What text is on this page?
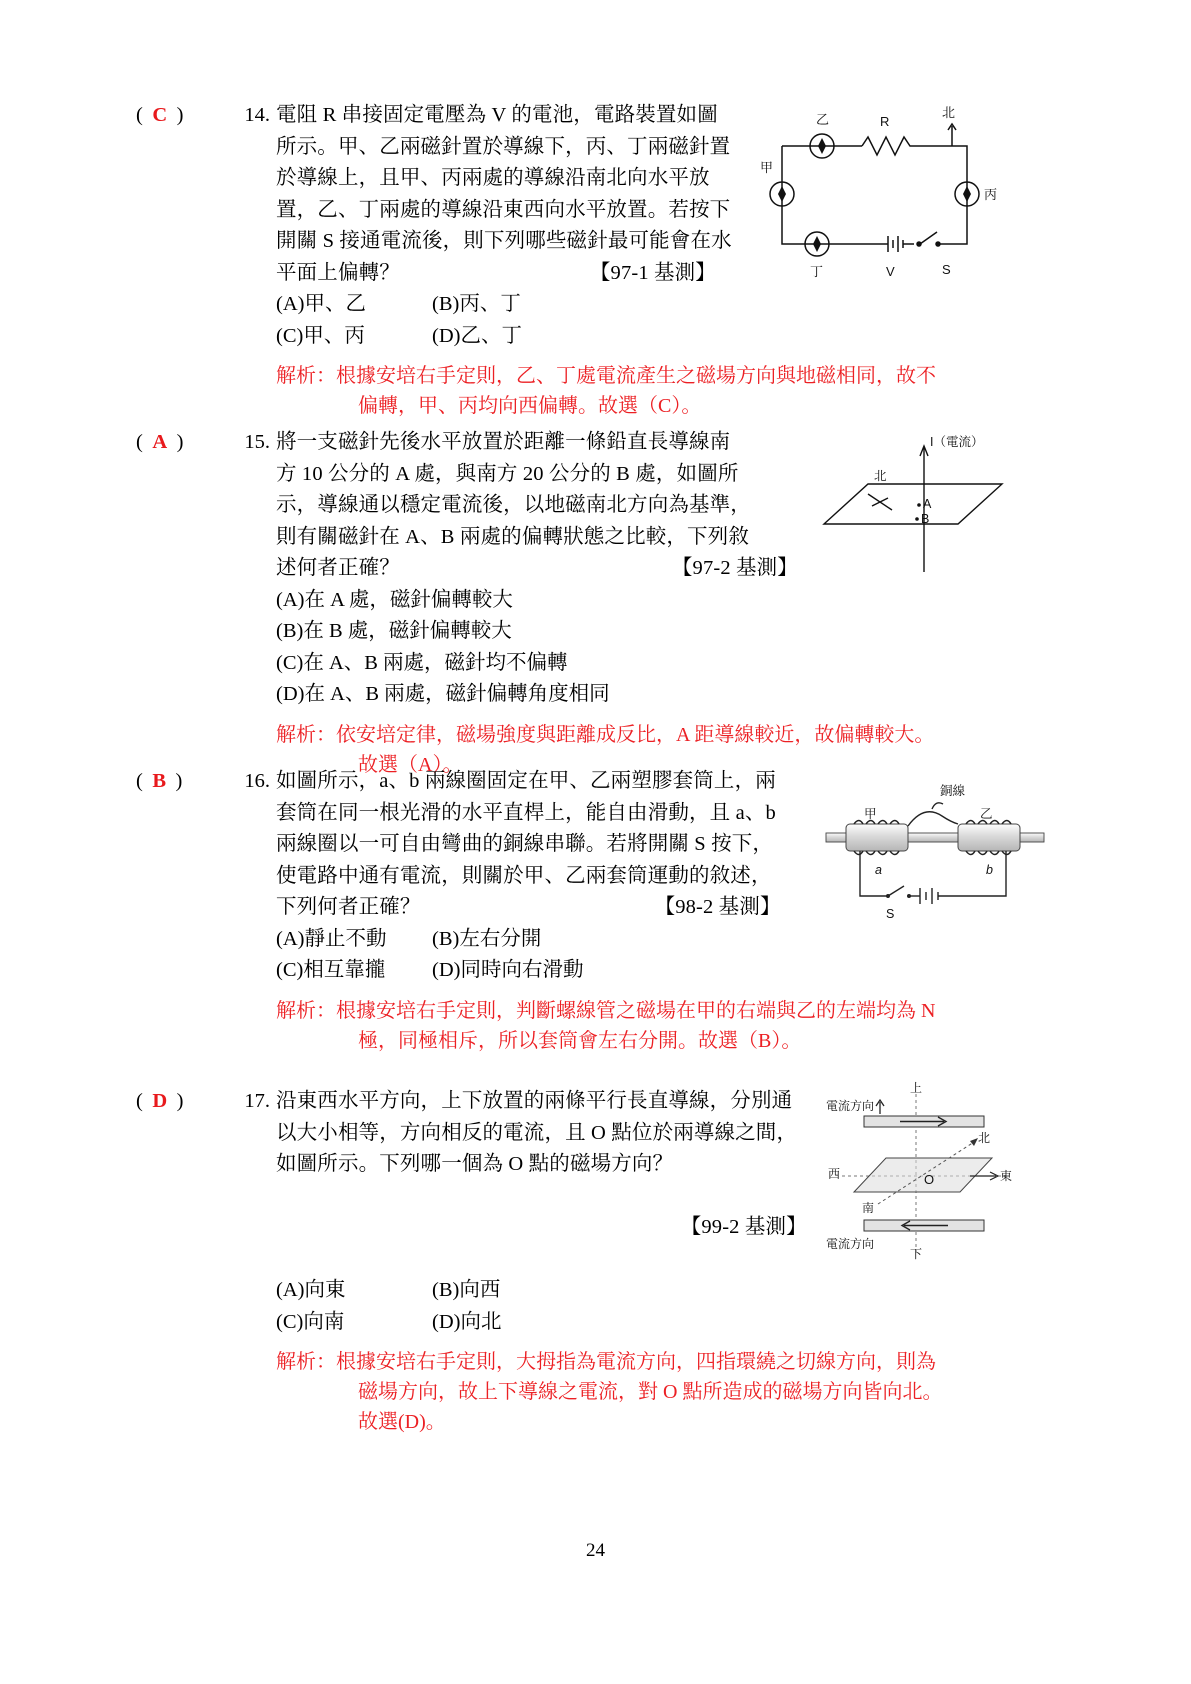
( C )	14. 電阻 R 串接固定電壓為 V 的電池，電路裝置如圖
所示。甲、乙兩磁針置於導線下，丙、丁兩磁針置
於導線上，且甲、丙兩處的導線沿南北向水平放
置，乙、丁兩處的導線沿東西向水平放置。若按下
開關 S 接通電流後，則下列哪些磁針最可能會在水
平面上偏轉？	【97-1 基測】
(A)甲、乙	(B)丙、丁
(C)甲、丙	(D)乙、丁
解析： 根據安培右手定則，乙、丁處電流產生之磁場方向與地磁相同，故不
偏轉，甲、丙均向西偏轉。故選（C）。
北
乙	R
甲
丙
丁	V	S
( A )	15. 將一支磁針先後水平放置於距離一條鉛直長導線南
方 10 公分的 A 處，與南方 20 公分的 B 處，如圖所
示，導線通以穩定電流後，以地磁南北方向為基準，
則有關磁針在 A、B 兩處的偏轉狀態之比較，下列敘
述何者正確？	【97-2 基測】
(A)在 A 處，磁針偏轉較大
(B)在 B 處，磁針偏轉較大
(C)在 A、B 兩處，磁針均不偏轉
(D)在 A、B 兩處，磁針偏轉角度相同
解析： 依安培定律，磁場強度與距離成反比，A 距導線較近，故偏轉較大。
故選（A）。
I（電流）
北
A
B
( B )	16. 如圖所示，a、b 兩線圈固定在甲、乙兩塑膠套筒上，兩
套筒在同一根光滑的水平直桿上，能自由滑動，且 a、b
兩線圈以一可自由彎曲的銅線串聯。若將開關 S 按下，
使電路中通有電流，則關於甲、乙兩套筒運動的敘述，
下列何者正確？	【98-2 基測】
(A)靜止不動	(B)左右分開
(C)相互靠攏	(D)同時向右滑動
解析： 根據安培右手定則，判斷螺線管之磁場在甲的右端與乙的左端均為 N
極，同極相斥，所以套筒會左右分開。故選（B）。
銅線
甲	乙
a	b
S
( D )	17. 沿東西水平方向，上下放置的兩條平行長直導線，分別通
以大小相等，方向相反的電流，且 O 點位於兩導線之間，
如圖所示。下列哪一個為 O 點的磁場方向？

【99-2 基測】

(A)向東	(B)向西
(C)向南	(D)向北
解析： 根據安培右手定則，大拇指為電流方向，四指環繞之切線方向，則為
磁場方向，故上下導線之電流，對 O 點所造成的磁場方向皆向北。
故選(D)。
上
電流方向
北
西	O	東
南
電流方向
下
24
